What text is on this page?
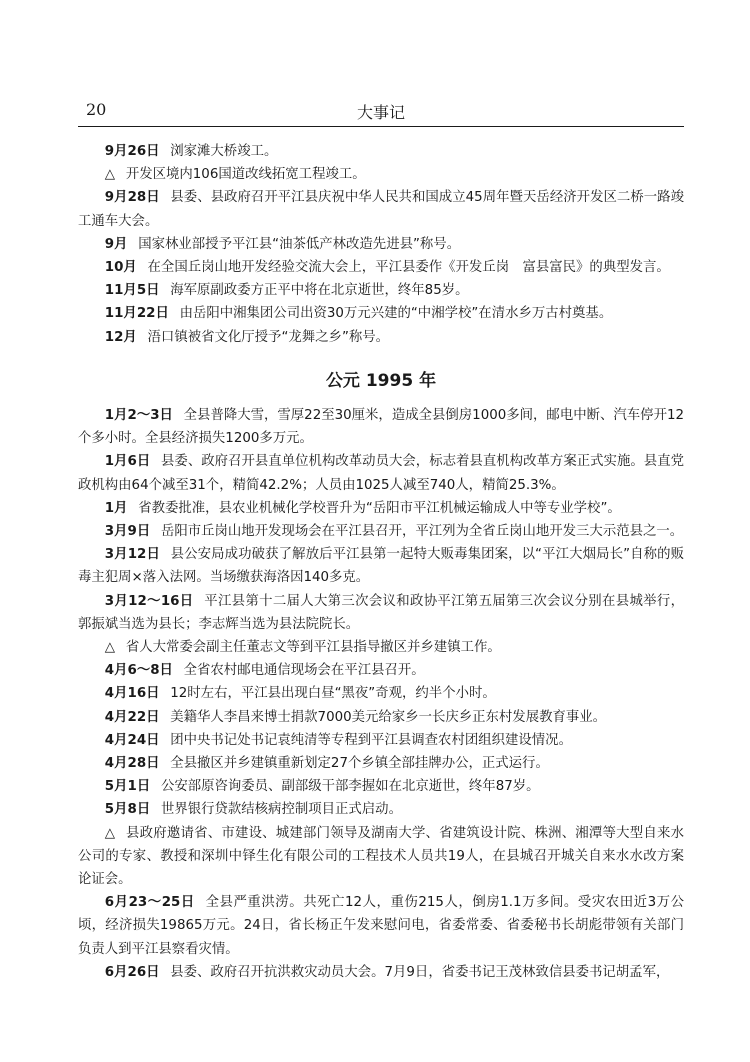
20	大事记

9月26日 浏家滩大桥竣工。

△ 开发区境内106国道改线拓宽工程竣工。

9月28日 县委、县政府召开平江县庆祝中华人民共和国成立45周年暨天岳经济开发区二桥一路竣工通车大会。

9月 国家林业部授予平江县“油茶低产林改造先进县”称号。

10月 在全国丘岗山地开发经验交流大会上，平江县委作《开发丘岗　富县富民》的典型发言。

11月5日 海军原副政委方正平中将在北京逝世，终年85岁。

11月22日 由岳阳中湘集团公司出资30万元兴建的“中湘学校”在清水乡万古村奠基。

12月 浯口镇被省文化厅授予“龙舞之乡”称号。

公元 1995 年

1月2～3日 全县普降大雪，雪厚22至30厘米，造成全县倒房1000多间，邮电中断、汽车停开12个多小时。全县经济损失1200多万元。

1月6日 县委、政府召开县直单位机构改革动员大会，标志着县直机构改革方案正式实施。县直党政机构由64个减至31个，精简42.2%；人员由1025人减至740人，精简25.3%。

1月 省教委批准，县农业机械化学校晋升为“岳阳市平江机械运输成人中等专业学校”。

3月9日 岳阳市丘岗山地开发现场会在平江县召开，平江列为全省丘岗山地开发三大示范县之一。

3月12日 县公安局成功破获了解放后平江县第一起特大贩毒集团案，以“平江大烟局长”自称的贩毒主犯周×落入法网。当场缴获海洛因140多克。

3月12～16日 平江县第十二届人大第三次会议和政协平江第五届第三次会议分别在县城举行，郭振斌当选为县长；李志辉当选为县法院院长。

△ 省人大常委会副主任董志文等到平江县指导撤区并乡建镇工作。

4月6～8日 全省农村邮电通信现场会在平江县召开。

4月16日 12时左右，平江县出现白昼“黑夜”奇观，约半个小时。

4月22日 美籍华人李昌来博士捐款7000美元给家乡一长庆乡正东村发展教育事业。

4月24日 团中央书记处书记袁纯清等专程到平江县调查农村团组织建设情况。

4月28日 全县撤区并乡建镇重新划定27个乡镇全部挂牌办公，正式运行。

5月1日 公安部原咨询委员、副部级干部李握如在北京逝世，终年87岁。

5月8日 世界银行贷款结核病控制项目正式启动。

△ 县政府邀请省、市建设、城建部门领导及湖南大学、省建筑设计院、株洲、湘潭等大型自来水公司的专家、教授和深圳中铎生化有限公司的工程技术人员共19人，在县城召开城关自来水水改方案论证会。

6月23～25日 全县严重洪涝。共死亡12人，重伤215人，倒房1.1万多间。受灾农田近3万公顷，经济损失19865万元。24日，省长杨正午发来慰问电，省委常委、省委秘书长胡彪带领有关部门负责人到平江县察看灾情。

6月26日 县委、政府召开抗洪救灾动员大会。7月9日，省委书记王茂林致信县委书记胡孟军，
